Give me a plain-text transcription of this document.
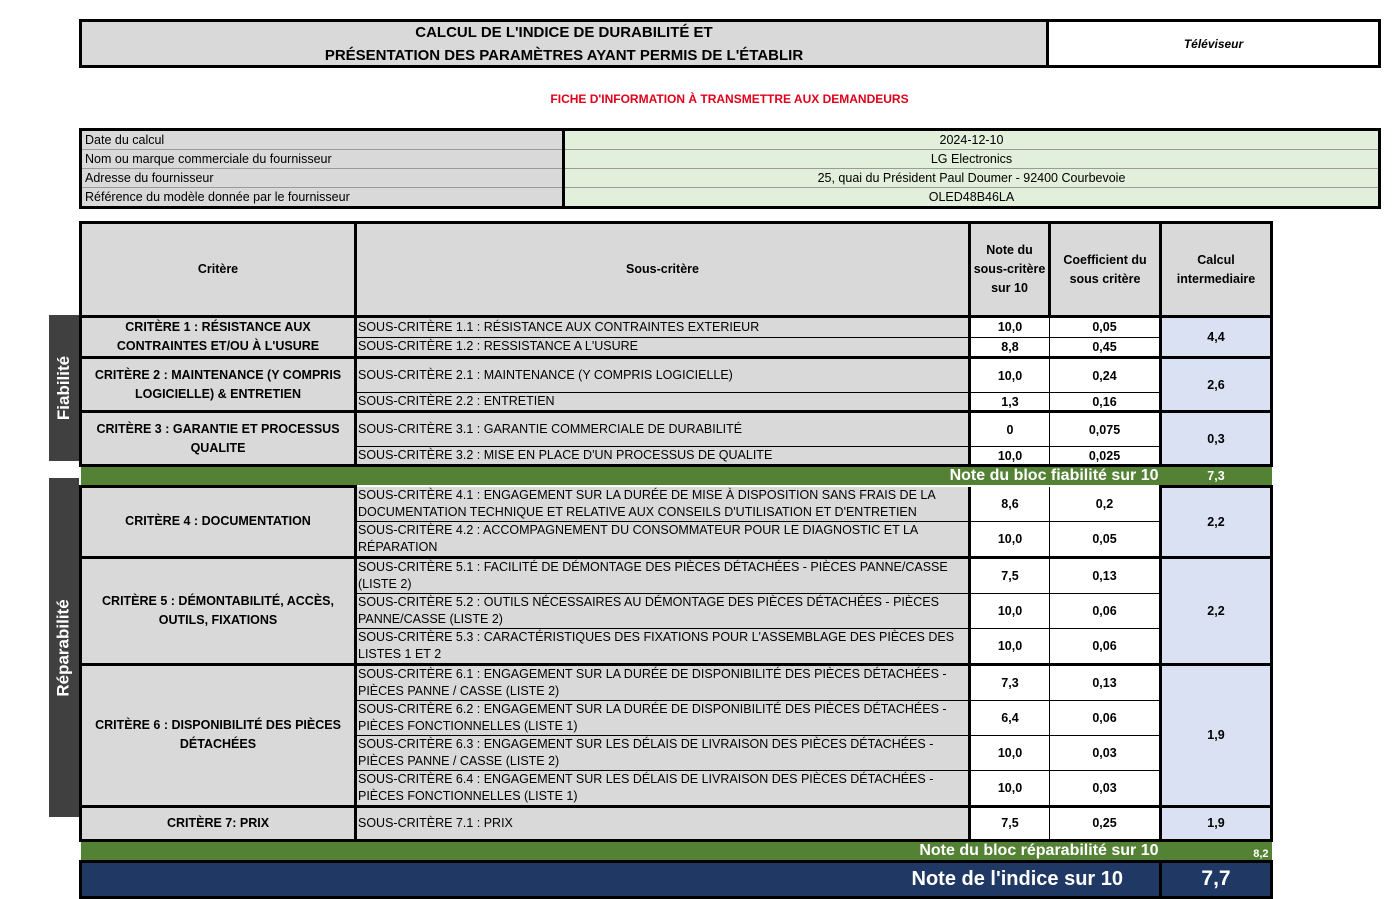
CALCUL DE L'INDICE DE DURABILITÉ ET
PRÉSENTATION DES PARAMÈTRES AYANT PERMIS DE L'ÉTABLIR
Téléviseur
FICHE D'INFORMATION À TRANSMETTRE AUX DEMANDEURS
Date du calcul	2024-12-10
Nom ou marque commerciale du fournisseur	LG Electronics
Adresse du fournisseur	25, quai du Président Paul Doumer - 92400 Courbevoie
Référence du modèle donnée par le fournisseur	OLED48B46LA
Fiabilité
Réparabilité
Critère	Sous-critère	Note du sous-critère sur 10	Coefficient du sous critère	Calcul intermediaire
CRITÈRE 1 : RÉSISTANCE AUX CONTRAINTES ET/OU À L'USURE	SOUS-CRITÈRE 1.1 : RÉSISTANCE AUX CONTRAINTES EXTERIEUR	10,0	0,05	4,4
	SOUS-CRITÈRE 1.2 : RESSISTANCE A L'USURE	8,8	0,45	
CRITÈRE 2 : MAINTENANCE (Y COMPRIS LOGICIELLE) & ENTRETIEN	SOUS-CRITÈRE 2.1 : MAINTENANCE (Y COMPRIS LOGICIELLE)	10,0	0,24	2,6
	SOUS-CRITÈRE 2.2 : ENTRETIEN	1,3	0,16	
CRITÈRE 3 : GARANTIE ET PROCESSUS QUALITE	SOUS-CRITÈRE 3.1 : GARANTIE COMMERCIALE DE DURABILITÉ	0	0,075	0,3
	SOUS-CRITÈRE 3.2 : MISE EN PLACE D'UN PROCESSUS DE QUALITE	10,0	0,025	
Note du bloc fiabilité sur 10				7,3
CRITÈRE 4 : DOCUMENTATION	SOUS-CRITÈRE 4.1 : ENGAGEMENT SUR LA DURÉE DE MISE À DISPOSITION SANS FRAIS DE LA DOCUMENTATION TECHNIQUE ET RELATIVE AUX CONSEILS D'UTILISATION ET D'ENTRETIEN	8,6	0,2	2,2
	SOUS-CRITÈRE 4.2 : ACCOMPAGNEMENT DU CONSOMMATEUR POUR LE DIAGNOSTIC ET LA RÉPARATION	10,0	0,05	
CRITÈRE 5 : DÉMONTABILITÉ, ACCÈS, OUTILS, FIXATIONS	SOUS-CRITÈRE 5.1 : FACILITÉ DE DÉMONTAGE DES PIÈCES DÉTACHÉES - PIÈCES PANNE/CASSE (LISTE 2)	7,5	0,13	2,2
	SOUS-CRITÈRE 5.2 : OUTILS NÉCESSAIRES AU DÉMONTAGE DES PIÈCES DÉTACHÉES - PIÈCES PANNE/CASSE (LISTE 2)	10,0	0,06	
	SOUS-CRITÈRE 5.3 : CARACTÉRISTIQUES DES FIXATIONS POUR L'ASSEMBLAGE DES PIÈCES DES LISTES 1 ET 2	10,0	0,06	
CRITÈRE 6 : DISPONIBILITÉ DES PIÈCES DÉTACHÉES	SOUS-CRITÈRE 6.1 : ENGAGEMENT SUR LA DURÉE DE DISPONIBILITÉ DES PIÈCES DÉTACHÉES - PIÈCES PANNE / CASSE (LISTE 2)	7,3	0,13	1,9
	SOUS-CRITÈRE 6.2 : ENGAGEMENT SUR LA DURÉE DE DISPONIBILITÉ DES PIÈCES DÉTACHÉES - PIÈCES FONCTIONNELLES (LISTE 1)	6,4	0,06	
	SOUS-CRITÈRE 6.3 : ENGAGEMENT SUR LES DÉLAIS DE LIVRAISON DES PIÈCES DÉTACHÉES - PIÈCES PANNE / CASSE (LISTE 2)	10,0	0,03	
	SOUS-CRITÈRE 6.4 : ENGAGEMENT SUR LES DÉLAIS DE LIVRAISON DES PIÈCES DÉTACHÉES - PIÈCES FONCTIONNELLES (LISTE 1)	10,0	0,03	
CRITÈRE 7: PRIX	SOUS-CRITÈRE 7.1 : PRIX	7,5	0,25	1,9
Note du bloc réparabilité sur 10				8,2
Note de l'indice sur 10				7,7
